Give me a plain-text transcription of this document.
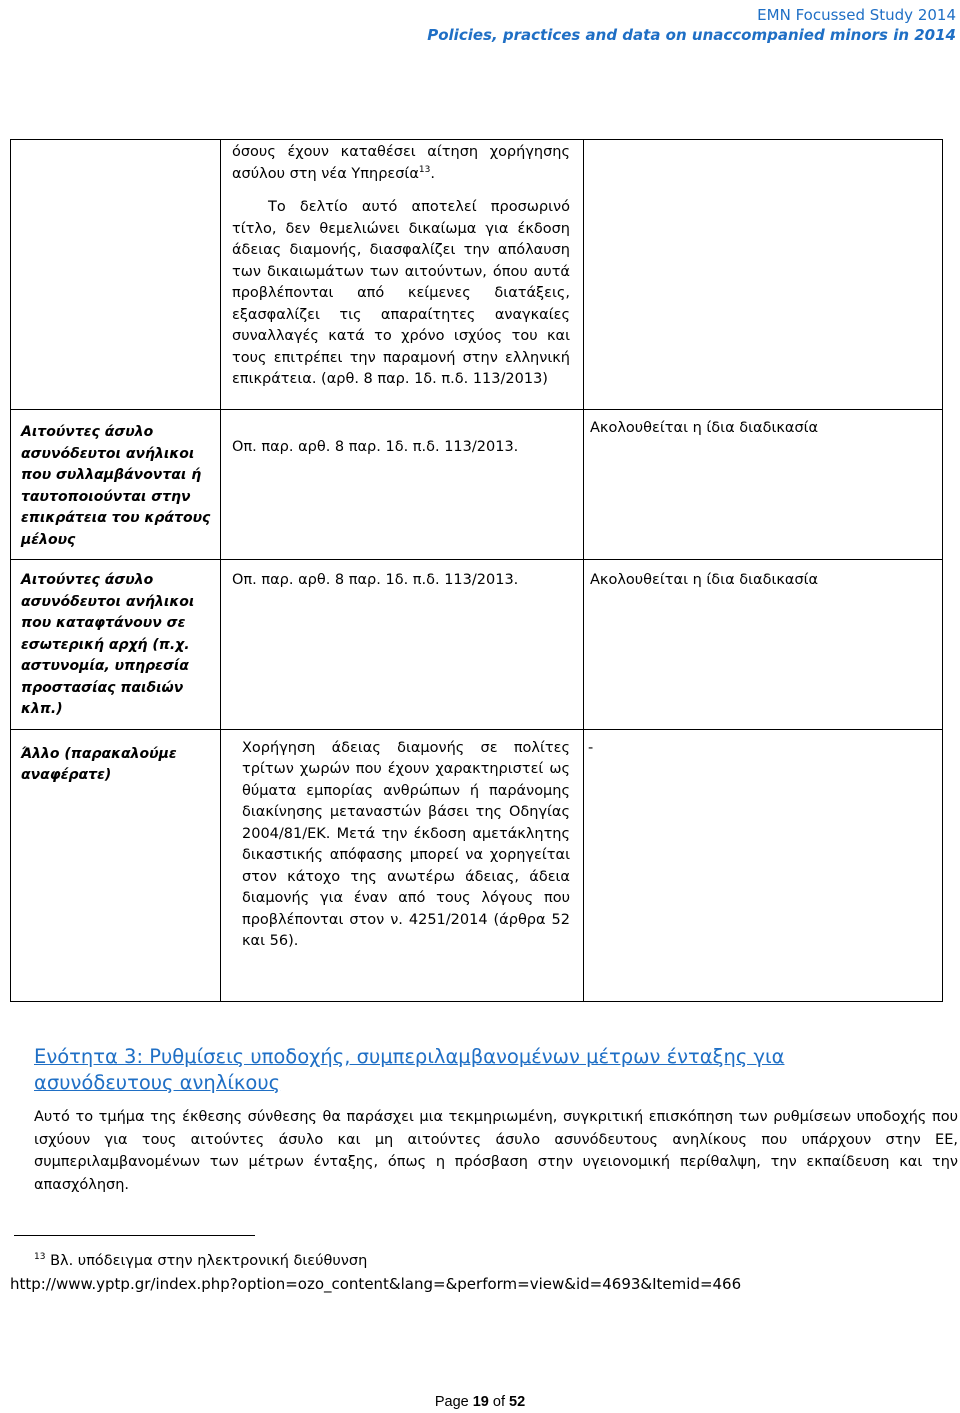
EMN Focussed Study 2014
Policies, practices and data on unaccompanied minors in 2014

	όσους έχουν καταθέσει αίτηση χορήγησης ασύλου στη νέα Υπηρεσία$^{13}$.
Το δελτίο αυτό αποτελεί προσωρινό τίτλο, δεν θεμελιώνει δικαίωμα για έκδοση άδειας διαμονής, διασφαλίζει την απόλαυση των δικαιωμάτων των αιτούντων, όπου αυτά προβλέπονται από κείμενες διατάξεις, εξασφαλίζει τις απαραίτητες αναγκαίες συναλλαγές κατά το χρόνο ισχύος του και τους επιτρέπει την παραμονή στην ελληνική επικράτεια. (αρθ. 8 παρ. 1δ. π.δ. 113/2013)	

Αιτούντες άσυλο ασυνόδευτοι ανήλικοι που συλλαμβάνονται ή ταυτοποιούνται στην επικράτεια του κράτους μέλους	Οπ. παρ. αρθ. 8 παρ. 1δ. π.δ. 113/2013.	Ακολουθείται η ίδια διαδικασία

Αιτούντες άσυλο ασυνόδευτοι ανήλικοι που καταφτάνουν σε εσωτερική αρχή (π.χ. αστυνομία, υπηρεσία προστασίας παιδιών κλπ.)	Οπ. παρ. αρθ. 8 παρ. 1δ. π.δ. 113/2013.	Ακολουθείται η ίδια διαδικασία

Άλλο (παρακαλούμε αναφέρατε)	Χορήγηση άδειας διαμονής σε πολίτες τρίτων χωρών που έχουν χαρακτηριστεί ως θύματα εμπορίας ανθρώπων ή παράνομης διακίνησης μεταναστών βάσει της Οδηγίας 2004/81/ΕΚ. Μετά την έκδοση αμετάκλητης δικαστικής απόφασης μπορεί να χορηγείται στον κάτοχο της ανωτέρω άδειας, άδεια διαμονής για έναν από τους λόγους που προβλέπονται στον ν. 4251/2014 (άρθρα 52 και 56).	-
Ενότητα 3: Ρυθμίσεις υποδοχής, συμπεριλαμβανομένων μέτρων ένταξης για ασυνόδευτους ανηλίκους
Αυτό το τμήμα της έκθεσης σύνθεσης θα παράσχει μια τεκμηριωμένη, συγκριτική επισκόπηση των ρυθμίσεων υποδοχής που ισχύουν για τους αιτούντες άσυλο και μη αιτούντες άσυλο ασυνόδευτους ανηλίκους που υπάρχουν στην ΕΕ, συμπεριλαμβανομένων των μέτρων ένταξης, όπως η πρόσβαση στην υγειονομική περίθαλψη, την εκπαίδευση και την απασχόληση.
$^{13}$ Βλ. υπόδειγμα στην ηλεκτρονική διεύθυνση
http://www.yptp.gr/index.php?option=ozo_content&lang=&perform=view&id=4693&Itemid=466
Page 19 of 52
